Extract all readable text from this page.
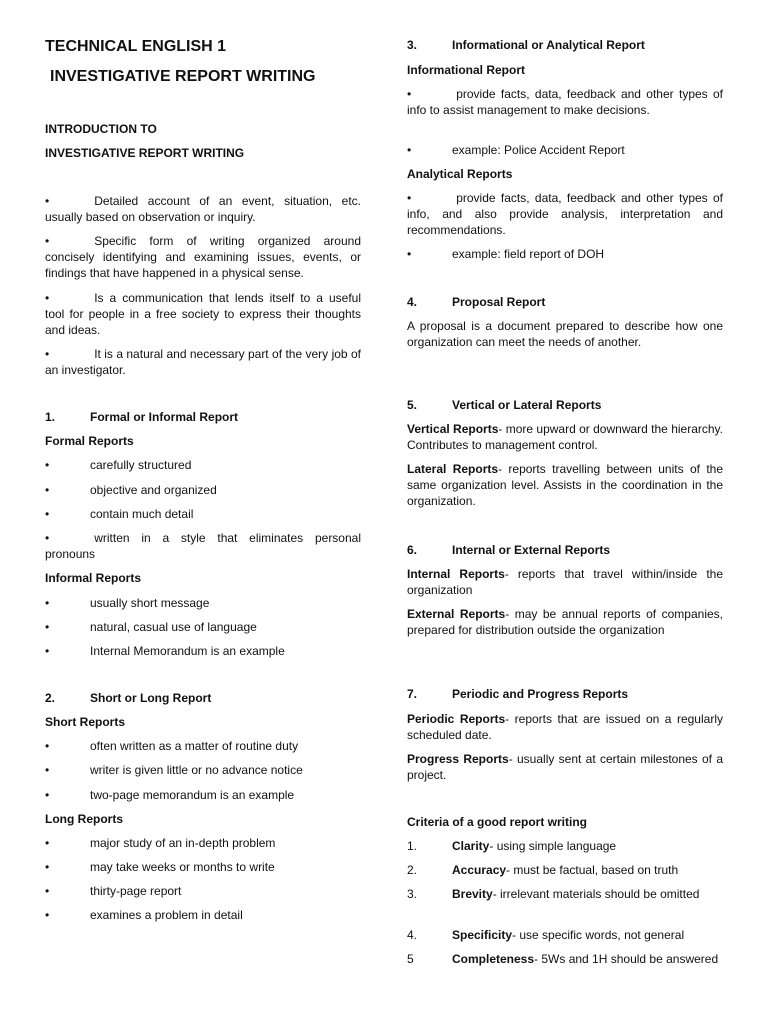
TECHNICAL ENGLISH 1
INVESTIGATIVE REPORT WRITING
INTRODUCTION TO
INVESTIGATIVE REPORT WRITING
•	Detailed account of an event, situation, etc. usually based on observation or inquiry.
•	Specific form of writing organized around concisely identifying and examining issues, events, or findings that have happened in a physical sense.
•	Is a communication that lends itself to a useful tool for people in a free society to express their thoughts and ideas.
•	It is a natural and necessary part of the very job of an investigator.
1.	Formal or Informal Report
Formal Reports
•	carefully structured
•	objective and organized
•	contain much detail
•	written in a style that eliminates personal pronouns
Informal Reports
•	usually short message
•	natural, casual use of language
•	Internal Memorandum is an example
2.	Short or Long Report
Short Reports
•	often written as a matter of routine duty
•	writer is given little or no advance notice
•	two-page memorandum is an example
Long Reports
•	major study of an in-depth problem
•	may take weeks or months to write
•	thirty-page report
•	examines a problem in detail
3.	Informational or Analytical Report
Informational Report
•	provide facts, data, feedback and other types of info to assist management to make decisions.
•	example: Police Accident Report
Analytical Reports
•	provide facts, data, feedback and other types of info, and also provide analysis, interpretation and recommendations.
•	example: field report of DOH
4.	Proposal Report
A proposal is a document prepared to describe how one organization can meet the needs of another.
5.	Vertical or Lateral Reports
Vertical Reports- more upward or downward the hierarchy. Contributes to management control.
Lateral Reports- reports travelling between units of the same organization level. Assists in the coordination in the organization.
6.	Internal or External Reports
Internal Reports- reports that travel within/inside the organization
External Reports- may be annual reports of companies, prepared for distribution outside the organization
7.	Periodic and Progress Reports
Periodic Reports- reports that are issued on a regularly scheduled date.
Progress Reports- usually sent at certain milestones of a project.
Criteria of a good report writing
1.	Clarity- using simple language
2.	Accuracy- must be factual, based on truth
3.	Brevity- irrelevant materials should be omitted
4.	Specificity- use specific words, not general
5	Completeness- 5Ws and 1H should be answered
